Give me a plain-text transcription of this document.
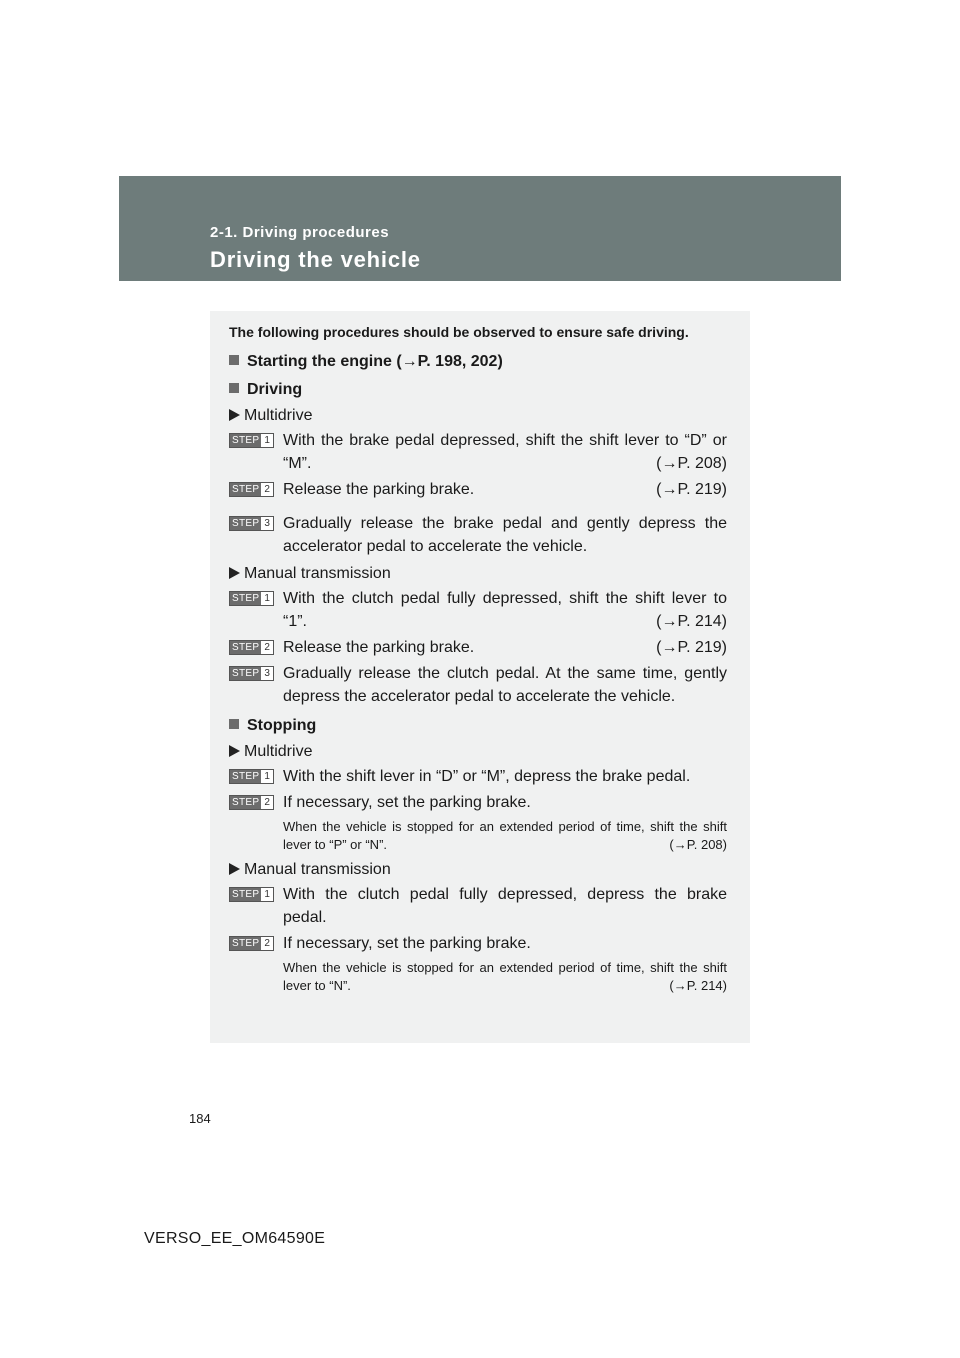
2-1. Driving procedures
Driving the vehicle

The following procedures should be observed to ensure safe driving.

Starting the engine (→P. 198, 202)
Driving
Multidrive
STEP 1 With the brake pedal depressed, shift the shift lever to “D” or “M”.	(→P. 208)
STEP 2 Release the parking brake.	(→P. 219)
STEP 3 Gradually release the brake pedal and gently depress the accelerator pedal to accelerate the vehicle.
Manual transmission
STEP 1 With the clutch pedal fully depressed, shift the shift lever to “1”.	(→P. 214)
STEP 2 Release the parking brake.	(→P. 219)
STEP 3 Gradually release the clutch pedal. At the same time, gently depress the accelerator pedal to accelerate the vehicle.
Stopping
Multidrive
STEP 1 With the shift lever in “D” or “M”, depress the brake pedal.
STEP 2 If necessary, set the parking brake.
When the vehicle is stopped for an extended period of time, shift the shift lever to “P” or “N”.	(→P. 208)
Manual transmission
STEP 1 With the clutch pedal fully depressed, depress the brake pedal.
STEP 2 If necessary, set the parking brake.
When the vehicle is stopped for an extended period of time, shift the shift lever to “N”.	(→P. 214)
184
VERSO_EE_OM64590E
